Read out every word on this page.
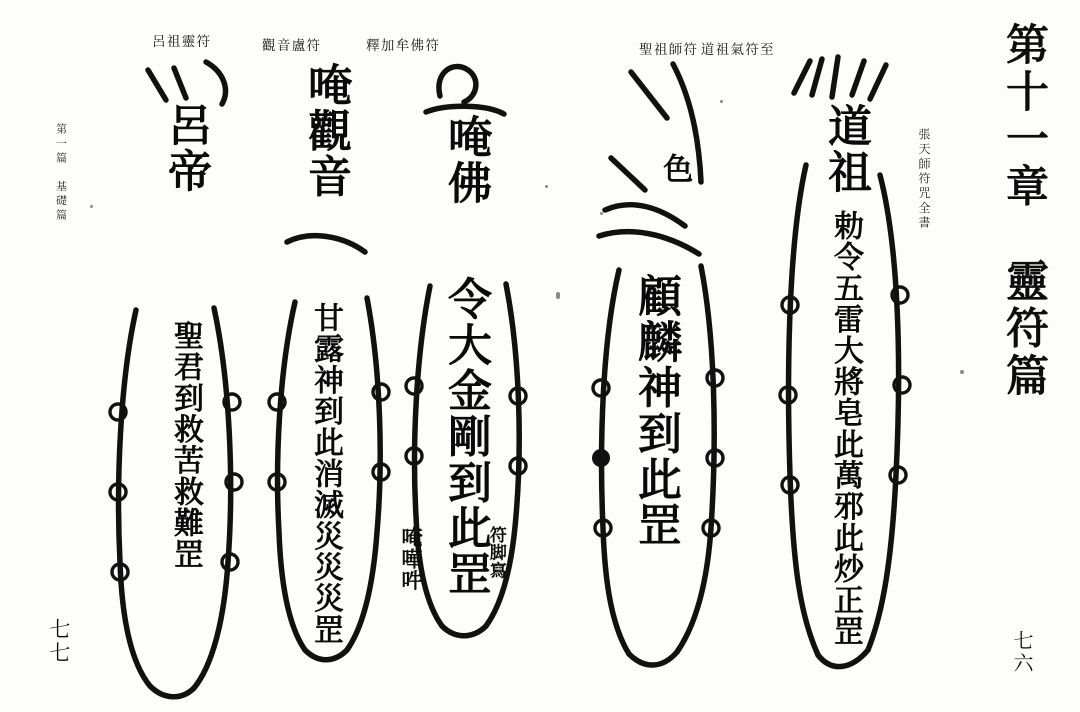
第十一章　靈符篇
張天師符咒全書
七六
第一篇　基礎篇
七七
道祖氣符至
道祖
勅令五雷大將皂此萬邪此炒正罡
聖祖師符
色
顧麟神到此罡
釋加牟佛符
唵佛
令大金剛到此罡
唵嘩吽	符脚寫
觀音盧符
唵觀音
甘露神到此消滅災災災罡
呂祖靈符
呂帝
聖君到救苦救難罡
